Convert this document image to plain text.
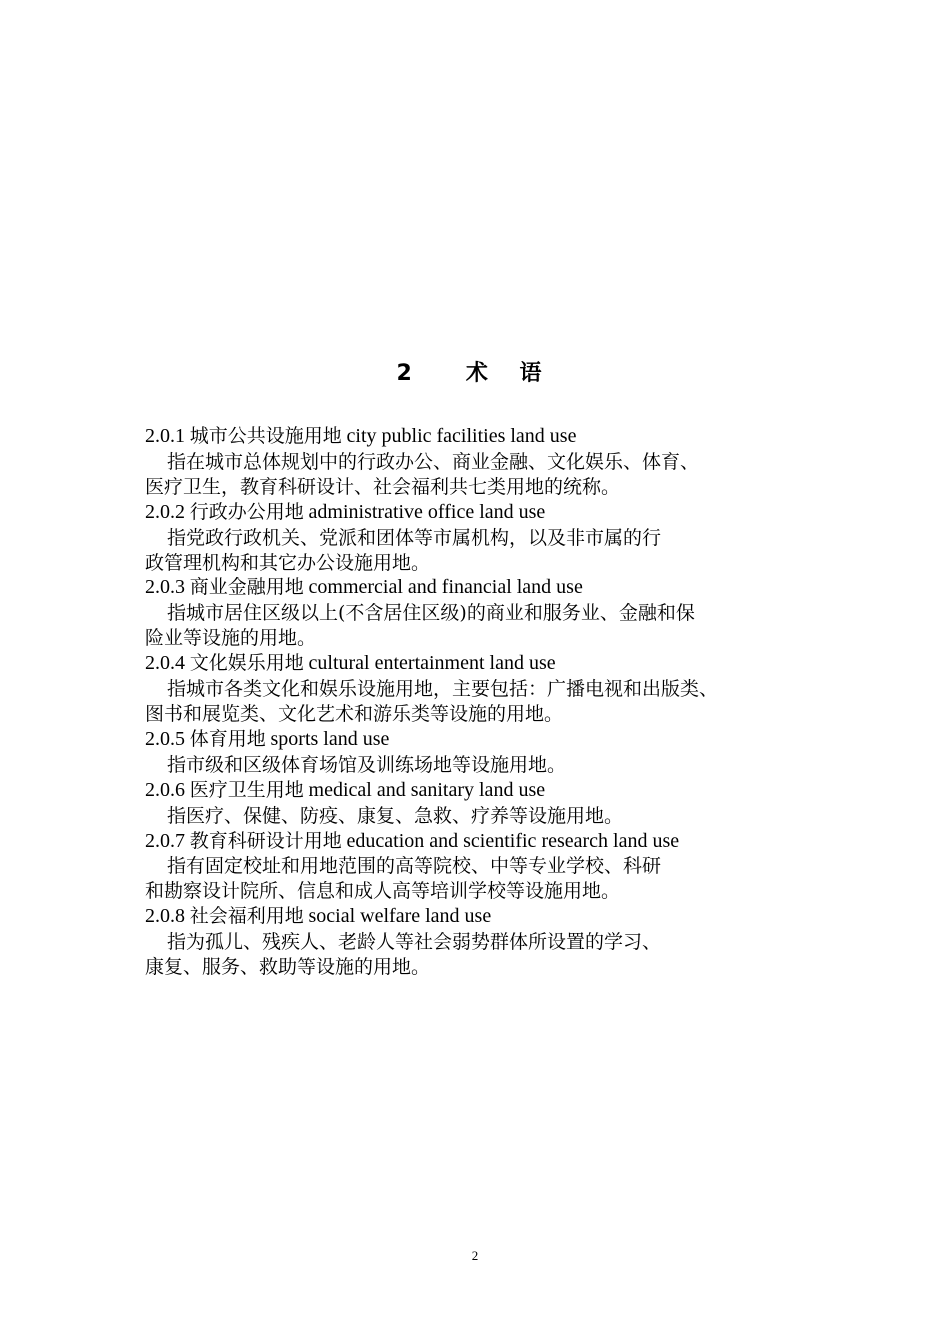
2 术 语
2.0.1 城市公共设施用地 city public facilities land use
指在城市总体规划中的行政办公、商业金融、文化娱乐、体育、
医疗卫生，教育科研设计、社会福利共七类用地的统称。
2.0.2 行政办公用地 administrative office land use
指党政行政机关、党派和团体等市属机构，以及非市属的行
政管理机构和其它办公设施用地。
2.0.3 商业金融用地 commercial and financial land use
指城市居住区级以上(不含居住区级)的商业和服务业、金融和保
险业等设施的用地。
2.0.4 文化娱乐用地 cultural entertainment land use
指城市各类文化和娱乐设施用地，主要包括：广播电视和出版类、
图书和展览类、文化艺术和游乐类等设施的用地。
2.0.5 体育用地 sports land use
指市级和区级体育场馆及训练场地等设施用地。
2.0.6 医疗卫生用地 medical and sanitary land use
指医疗、保健、防疫、康复、急救、疗养等设施用地。
2.0.7 教育科研设计用地 education and scientific research land use
指有固定校址和用地范围的高等院校、中等专业学校、科研
和勘察设计院所、信息和成人高等培训学校等设施用地。
2.0.8 社会福利用地 social welfare land use
指为孤儿、残疾人、老龄人等社会弱势群体所设置的学习、
康复、服务、救助等设施的用地。
2
